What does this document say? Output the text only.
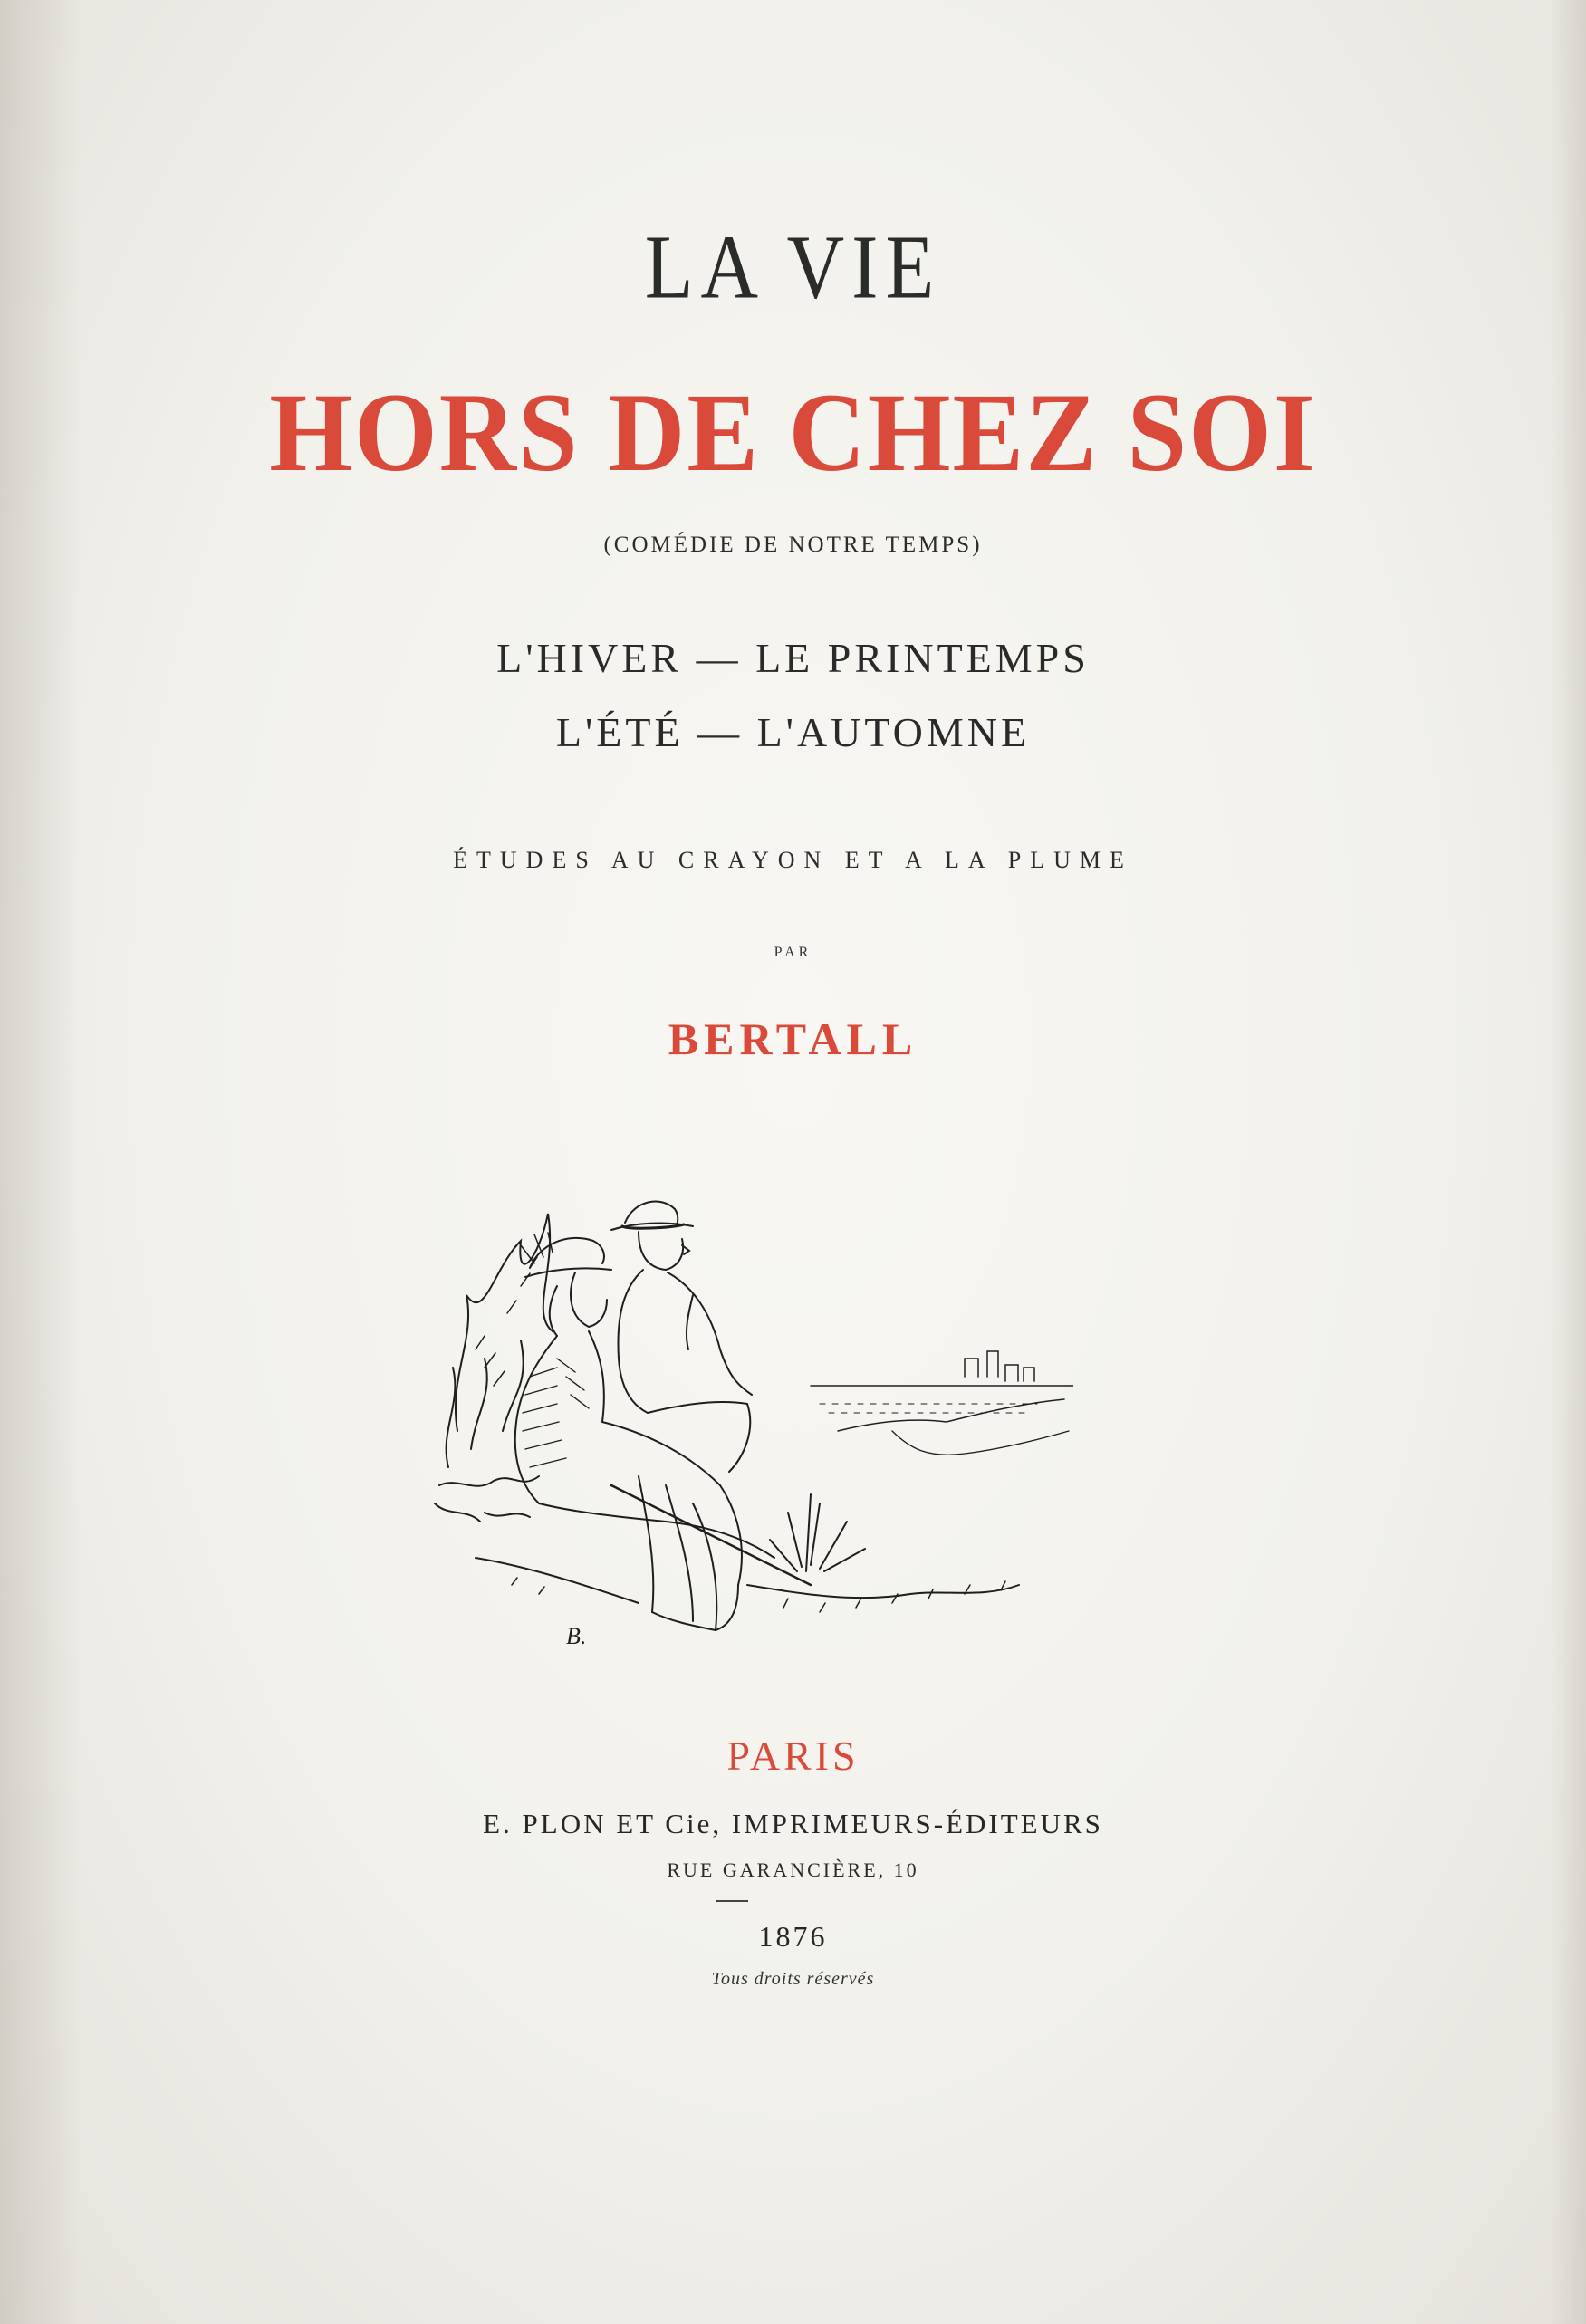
LA VIE
HORS DE CHEZ SOI
(COMÉDIE DE NOTRE TEMPS)
L'HIVER — LE PRINTEMPS
L'ÉTÉ — L'AUTOMNE
ÉTUDES AU CRAYON ET A LA PLUME
PAR
BERTALL
B.
PARIS
E. PLON ET Cie, IMPRIMEURS-ÉDITEURS
RUE GARANCIÈRE, 10
1876
Tous droits réservés
